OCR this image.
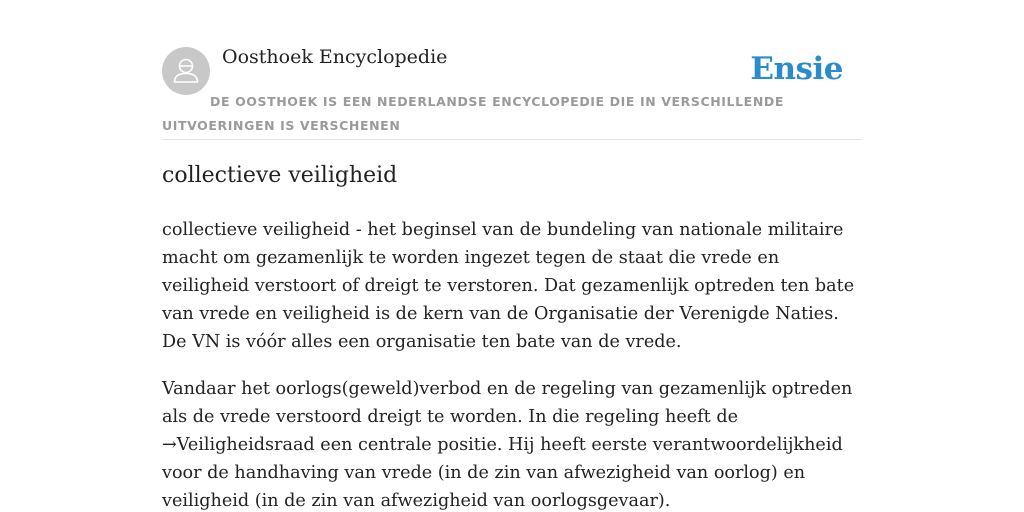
Oosthoek Encyclopedie	Ensie
DE OOSTHOEK IS EEN NEDERLANDSE ENCYCLOPEDIE DIE IN VERSCHILLENDE UITVOERINGEN IS VERSCHENEN
collectieve veiligheid

collectieve veiligheid - het beginsel van de bundeling van nationale militaire macht om gezamenlijk te worden ingezet tegen de staat die vrede en veiligheid verstoort of dreigt te verstoren. Dat gezamenlijk optreden ten bate van vrede en veiligheid is de kern van de Organisatie der Verenigde Naties. De VN is vóór alles een organisatie ten bate van de vrede.

Vandaar het oorlogs(geweld)verbod en de regeling van gezamenlijk optreden als de vrede verstoord dreigt te worden. In die regeling heeft de →Veiligheidsraad een centrale positie. Hij heeft eerste verantwoordelijkheid voor de handhaving van vrede (in de zin van afwezigheid van oorlog) en veiligheid (in de zin van afwezigheid van oorlogsgevaar).
